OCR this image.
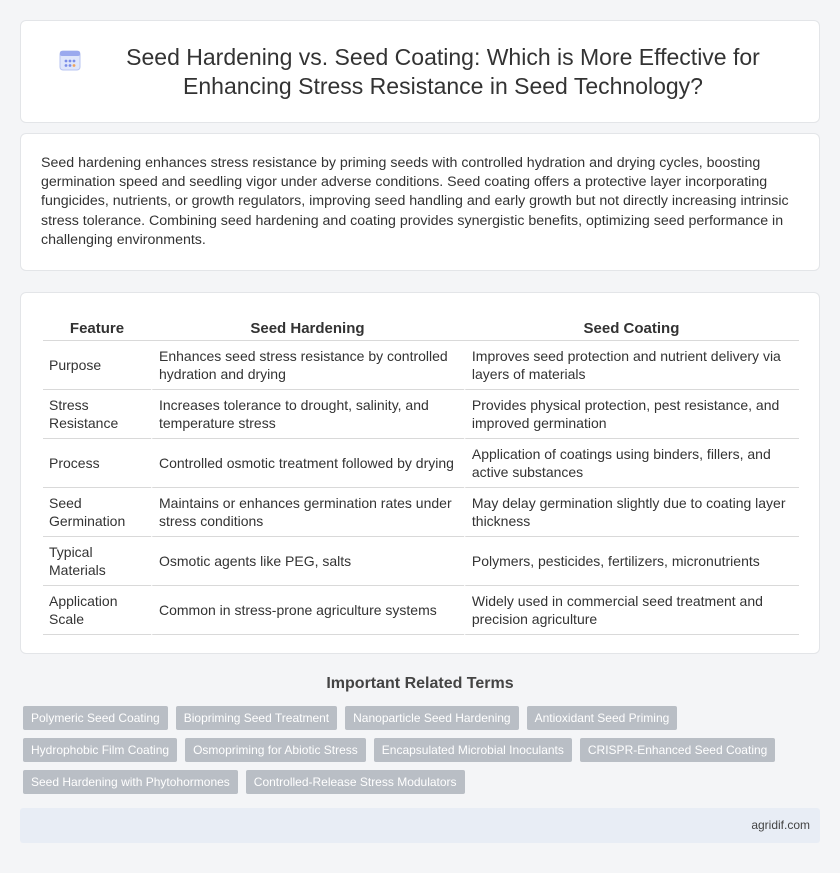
Seed Hardening vs. Seed Coating: Which is More Effective for Enhancing Stress Resistance in Seed Technology?

Seed hardening enhances stress resistance by priming seeds with controlled hydration and drying cycles, boosting germination speed and seedling vigor under adverse conditions. Seed coating offers a protective layer incorporating fungicides, nutrients, or growth regulators, improving seed handling and early growth but not directly increasing intrinsic stress tolerance. Combining seed hardening and coating provides synergistic benefits, optimizing seed performance in challenging environments.

Feature	Seed Hardening	Seed Coating
Purpose	Enhances seed stress resistance by controlled hydration and drying	Improves seed protection and nutrient delivery via layers of materials
Stress Resistance	Increases tolerance to drought, salinity, and temperature stress	Provides physical protection, pest resistance, and improved germination
Process	Controlled osmotic treatment followed by drying	Application of coatings using binders, fillers, and active substances
Seed Germination	Maintains or enhances germination rates under stress conditions	May delay germination slightly due to coating layer thickness
Typical Materials	Osmotic agents like PEG, salts	Polymers, pesticides, fertilizers, micronutrients
Application Scale	Common in stress-prone agriculture systems	Widely used in commercial seed treatment and precision agriculture
Important Related Terms
Polymeric Seed Coating	Biopriming Seed Treatment	Nanoparticle Seed Hardening	Antioxidant Seed Priming
Hydrophobic Film Coating	Osmopriming for Abiotic Stress	Encapsulated Microbial Inoculants	CRISPR-Enhanced Seed Coating
Seed Hardening with Phytohormones	Controlled-Release Stress Modulators
agridif.com
